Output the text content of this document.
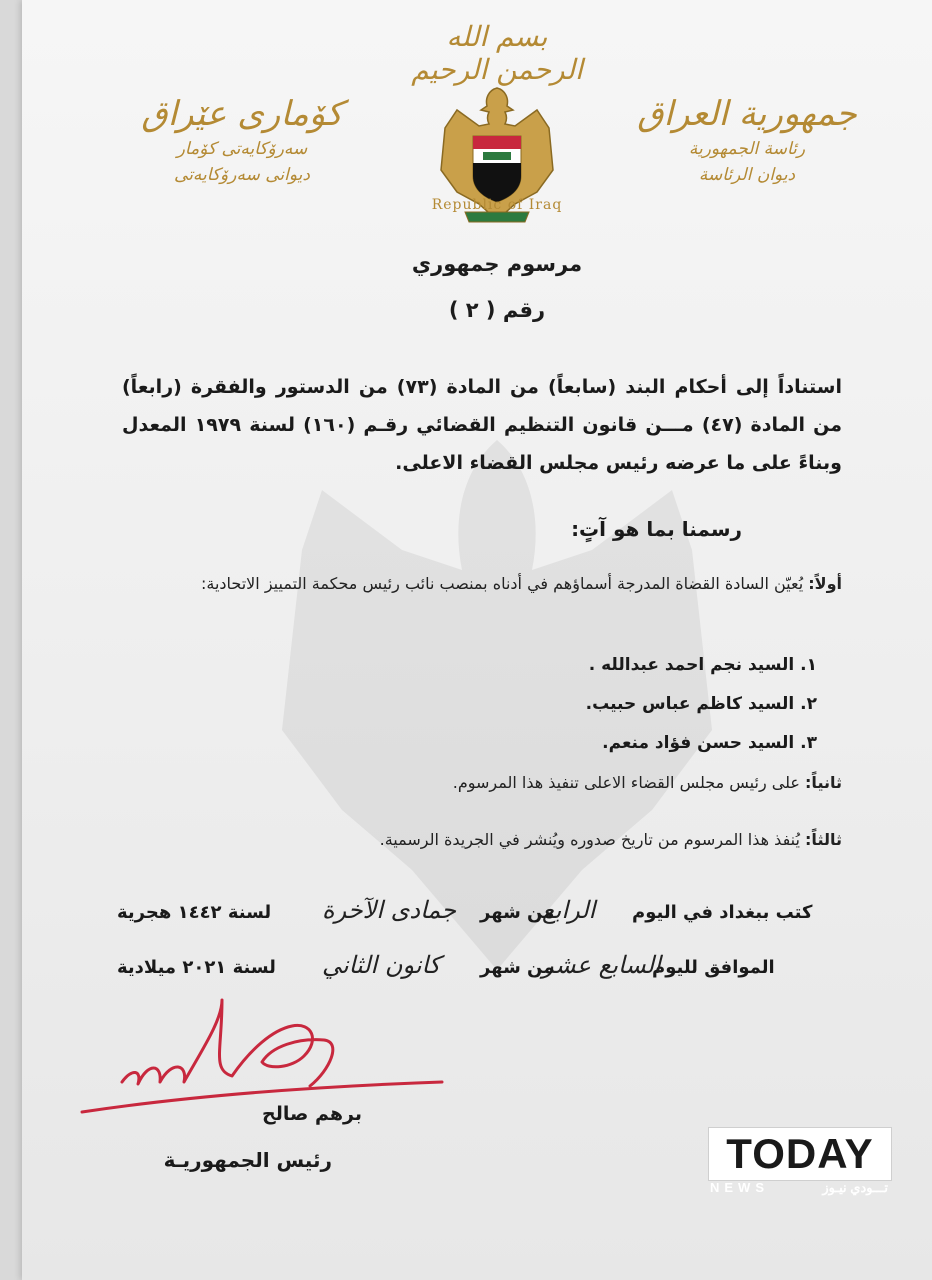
بسم الله الرحمن الرحيم
جمهورية العراق
رئاسة الجمهورية
ديوان الرئاسة
كۆماری عێراق
سەرۆکایەتی کۆمار
دیوانی سەرۆکایەتی
Republic of Iraq
مرسوم جمهوري
رقم ( ٢ )
استناداً إلى أحكام البند (سابعاً) من المادة (٧٣) من الدستور والفقرة (رابعاً) من المادة (٤٧) مـــن قانون التنظيم القضائي رقـم (١٦٠) لسنة ١٩٧٩ المعدل وبناءً على ما عرضه رئيس مجلس القضاء الاعلى.
رسمنا بما هو آتٍ:
أولاً: يُعيّن السادة القضاة المدرجة أسماؤهم في أدناه بمنصب نائب رئيس محكمة التمييز الاتحادية:
١. السيد نجم احمد عبدالله .
٢. السيد كاظم عباس حبيب.
٣. السيد حسن فؤاد منعم.
ثانياً: على رئيس مجلس القضاء الاعلى تنفيذ هذا المرسوم.
ثالثاً: يُنفذ هذا المرسوم من تاريخ صدوره ويُنشر في الجريدة الرسمية.
كتب ببغداد في اليوم
الرابع
من شهر
جمادى الآخرة
لسنة ١٤٤٢ هجرية
الموافق لليوم
السابع عشر
من شهر
كانون الثاني
لسنة ٢٠٢١ ميلادية
برهم صالح
رئيس الجمهوريـة	TODAY
NEWS	تـــودي نيـوز
